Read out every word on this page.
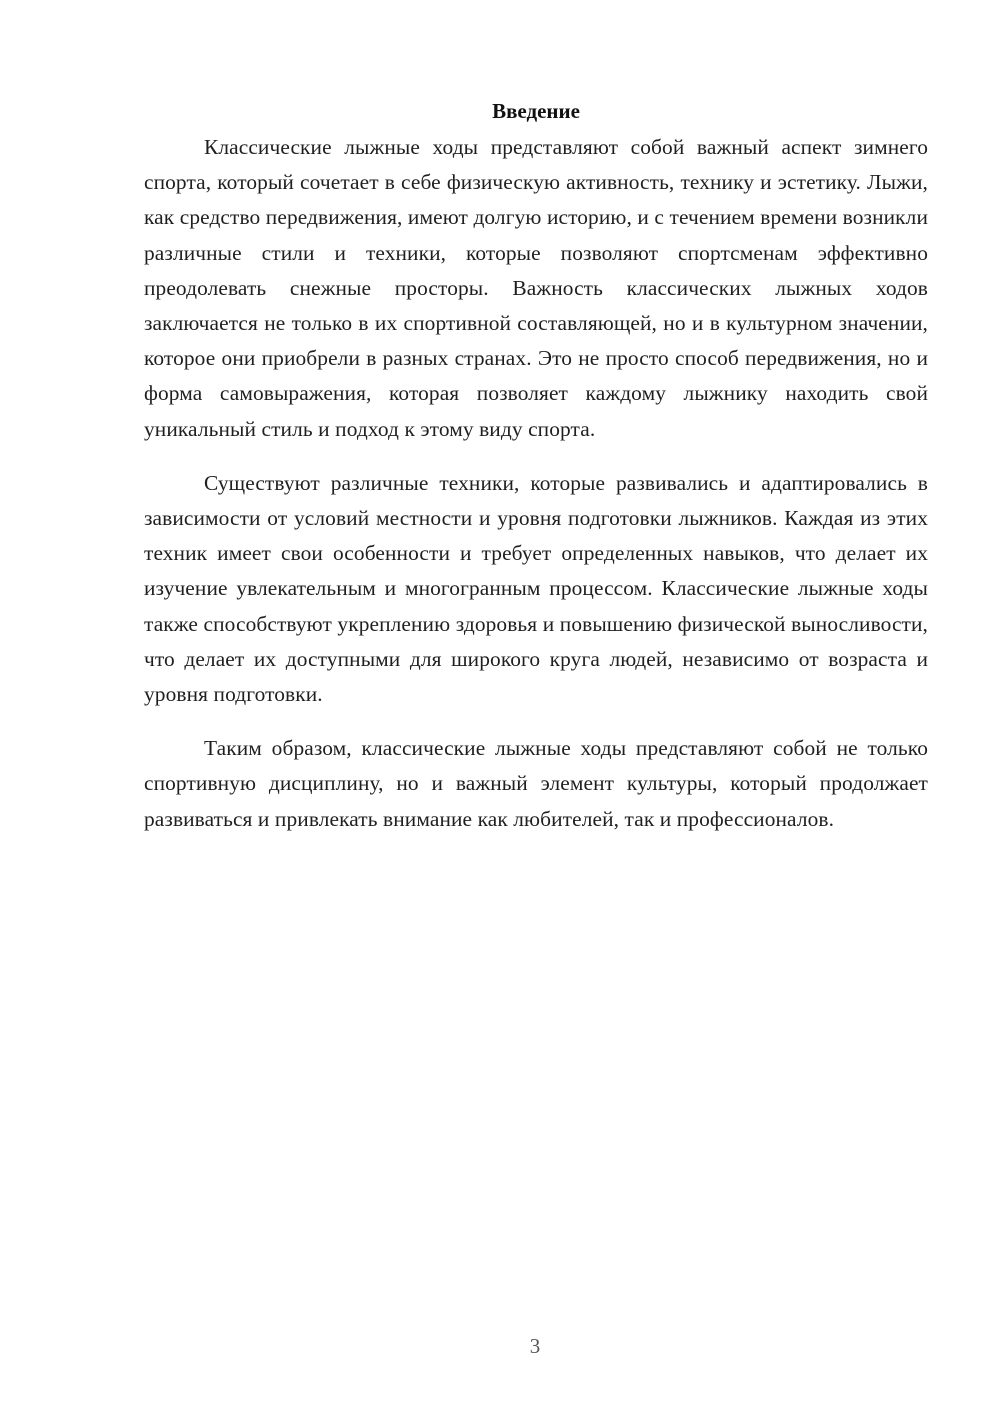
Введение

Классические лыжные ходы представляют собой важный аспект зимнего спорта, который сочетает в себе физическую активность, технику и эстетику. Лыжи, как средство передвижения, имеют долгую историю, и с течением времени возникли различные стили и техники, которые позволяют спортсменам эффективно преодолевать снежные просторы. Важность классических лыжных ходов заключается не только в их спортивной составляющей, но и в культурном значении, которое они приобрели в разных странах. Это не просто способ передвижения, но и форма самовыражения, которая позволяет каждому лыжнику находить свой уникальный стиль и подход к этому виду спорта.

Существуют различные техники, которые развивались и адаптировались в зависимости от условий местности и уровня подготовки лыжников. Каждая из этих техник имеет свои особенности и требует определенных навыков, что делает их изучение увлекательным и многогранным процессом. Классические лыжные ходы также способствуют укреплению здоровья и повышению физической выносливости, что делает их доступными для широкого круга людей, независимо от возраста и уровня подготовки.

Таким образом, классические лыжные ходы представляют собой не только спортивную дисциплину, но и важный элемент культуры, который продолжает развиваться и привлекать внимание как любителей, так и профессионалов.

3
